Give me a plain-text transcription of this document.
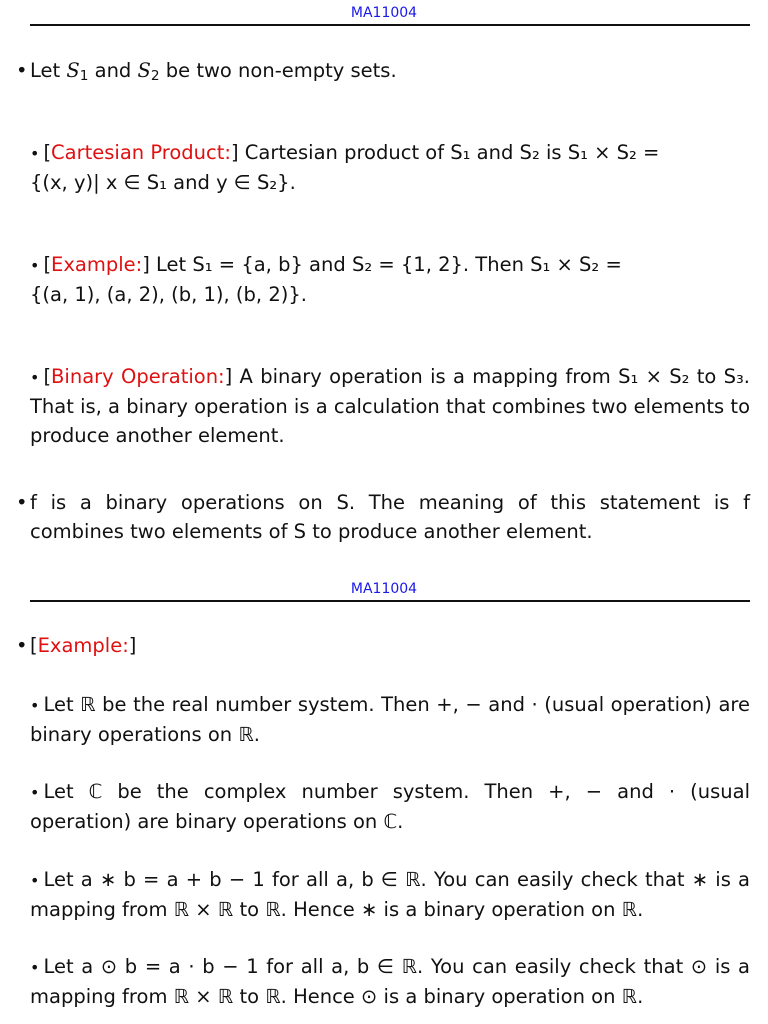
MA11004
• Let $S_1$ and $S_2$ be two non-empty sets.

• [Cartesian Product:] Cartesian product of S₁ and S₂ is S₁ × S₂ =

{(x, y)| x ∈ S₁ and y ∈ S₂}.

• [Example:] Let S₁ = {a, b} and S₂ = {1, 2}. Then S₁ × S₂ =

{(a, 1), (a, 2), (b, 1), (b, 2)}.

• [Binary Operation:] A binary operation is a mapping from S₁ × S₂ to S₃. That is, a binary operation is a calculation that combines two elements to produce another element.

• f is a binary operations on S. The meaning of this statement is f combines two elements of S to produce another element.

MA11004
• [Example:]

• Let ℝ be the real number system. Then +, − and · (usual operation) are binary operations on ℝ.

• Let ℂ be the complex number system. Then +, − and · (usual operation) are binary operations on ℂ.

• Let a ∗ b = a + b − 1 for all a, b ∈ ℝ. You can easily check that ∗ is a mapping from ℝ × ℝ to ℝ. Hence ∗ is a binary operation on ℝ.

• Let a ⊙ b = a · b − 1 for all a, b ∈ ℝ. You can easily check that ⊙ is a mapping from ℝ × ℝ to ℝ. Hence ⊙ is a binary operation on ℝ.
